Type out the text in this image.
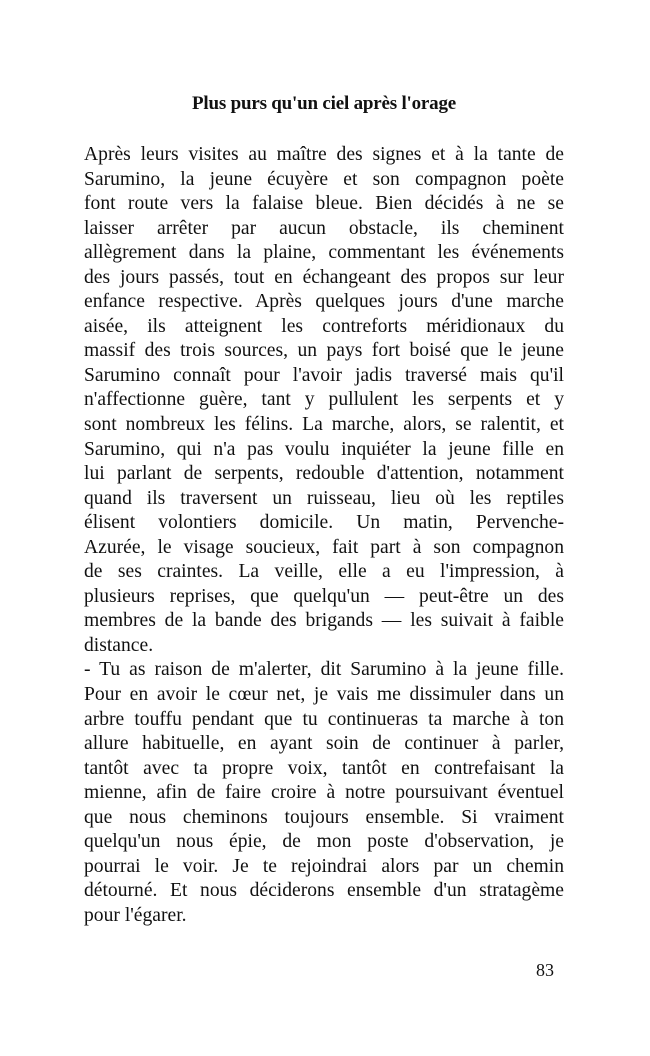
Plus purs qu'un ciel après l'orage
Après leurs visites au maître des signes et à la tante de
Sarumino, la jeune écuyère et son compagnon poète
font route vers la falaise bleue. Bien décidés à ne se
laisser arrêter par aucun obstacle, ils cheminent
allègrement dans la plaine, commentant les événements
des jours passés, tout en échangeant des propos sur leur
enfance respective. Après quelques jours d'une marche
aisée, ils atteignent les contreforts méridionaux du
massif des trois sources, un pays fort boisé que le jeune
Sarumino connaît pour l'avoir jadis traversé mais qu'il
n'affectionne guère, tant y pullulent les serpents et y
sont nombreux les félins. La marche, alors, se ralentit, et
Sarumino, qui n'a pas voulu inquiéter la jeune fille en
lui parlant de serpents, redouble d'attention, notamment
quand ils traversent un ruisseau, lieu où les reptiles
élisent volontiers domicile. Un matin, Pervenche-
Azurée, le visage soucieux, fait part à son compagnon
de ses craintes. La veille, elle a eu l'impression, à
plusieurs reprises, que quelqu'un — peut-être un des
membres de la bande des brigands — les suivait à faible
distance.
- Tu as raison de m'alerter, dit Sarumino à la jeune fille.
Pour en avoir le cœur net, je vais me dissimuler dans un
arbre touffu pendant que tu continueras ta marche à ton
allure habituelle, en ayant soin de continuer à parler,
tantôt avec ta propre voix, tantôt en contrefaisant la
mienne, afin de faire croire à notre poursuivant éventuel
que nous cheminons toujours ensemble. Si vraiment
quelqu'un nous épie, de mon poste d'observation, je
pourrai le voir. Je te rejoindrai alors par un chemin
détourné. Et nous déciderons ensemble d'un stratagème
pour l'égarer.
83
